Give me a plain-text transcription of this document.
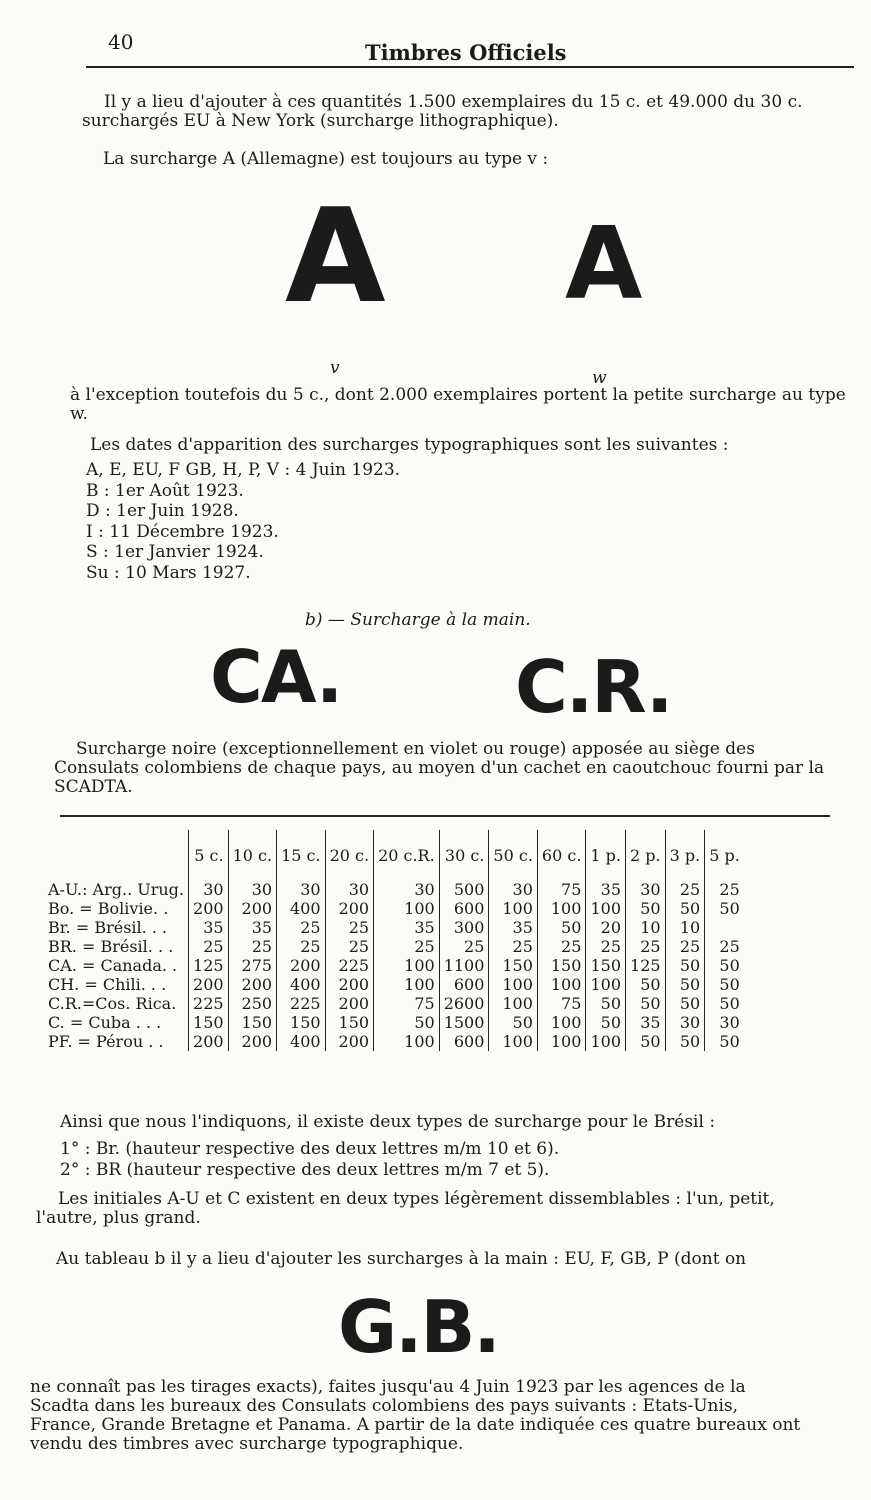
40	Timbres Officiels

Il y a lieu d'ajouter à ces quantités 1.500 exemplaires du 15 c. et 49.000 du 30 c. surchargés EU à New York (surcharge lithographique).

La surcharge A (Allemagne) est toujours au type v :

A A
v	w

à l'exception toutefois du 5 c., dont 2.000 exemplaires portent la petite surcharge au type w.

Les dates d'apparition des surcharges typographiques sont les suivantes :

A, E, EU, F GB, H, P, V : 4 Juin 1923.
B : 1er Août 1923.
D : 1er Juin 1928.
I : 11 Décembre 1923.
S : 1er Janvier 1924.
Su : 10 Mars 1927.

b) — Surcharge à la main.

CA. C.R.

Surcharge noire (exceptionnellement en violet ou rouge) apposée au siège des Consulats colombiens de chaque pays, au moyen d'un cachet en caoutchouc fourni par la SCADTA.

	5 c.	10 c.	15 c.	20 c.	20 c.R.	30 c.	50 c.	60 c.	1 p.	2 p.	3 p.	5 p.
A-U.: Arg.. Urug.	30	30	30	30	30	500	30	75	35	30	25	25
Bo. = Bolivie. .	200	200	400	200	100	600	100	100	100	50	50	50
Br. = Brésil. . .	35	35	25	25	35	300	35	50	20	10	10	
BR. = Brésil. . .	25	25	25	25	25	25	25	25	25	25	25	25
CA. = Canada. .	125	275	200	225	100	1100	150	150	150	125	50	50
CH. = Chili. . .	200	200	400	200	100	600	100	100	100	50	50	50
C.R.=Cos. Rica.	225	250	225	200	75	2600	100	75	50	50	50	50
C. = Cuba . . .	150	150	150	150	50	1500	50	100	50	35	30	30
PF. = Pérou . .	200	200	400	200	100	600	100	100	100	50	50	50

Ainsi que nous l'indiquons, il existe deux types de surcharge pour le Brésil :

1° : Br. (hauteur respective des deux lettres m/m 10 et 6).

2° : BR (hauteur respective des deux lettres m/m 7 et 5).

Les initiales A-U et C existent en deux types légèrement dissemblables : l'un, petit, l'autre, plus grand.

Au tableau b il y a lieu d'ajouter les surcharges à la main : EU, F, GB, P (dont on

G.B.

ne connaît pas les tirages exacts), faites jusqu'au 4 Juin 1923 par les agences de la Scadta dans les bureaux des Consulats colombiens des pays suivants : Etats-Unis, France, Grande Bretagne et Panama. A partir de la date indiquée ces quatre bureaux ont vendu des timbres avec surcharge typographique.
